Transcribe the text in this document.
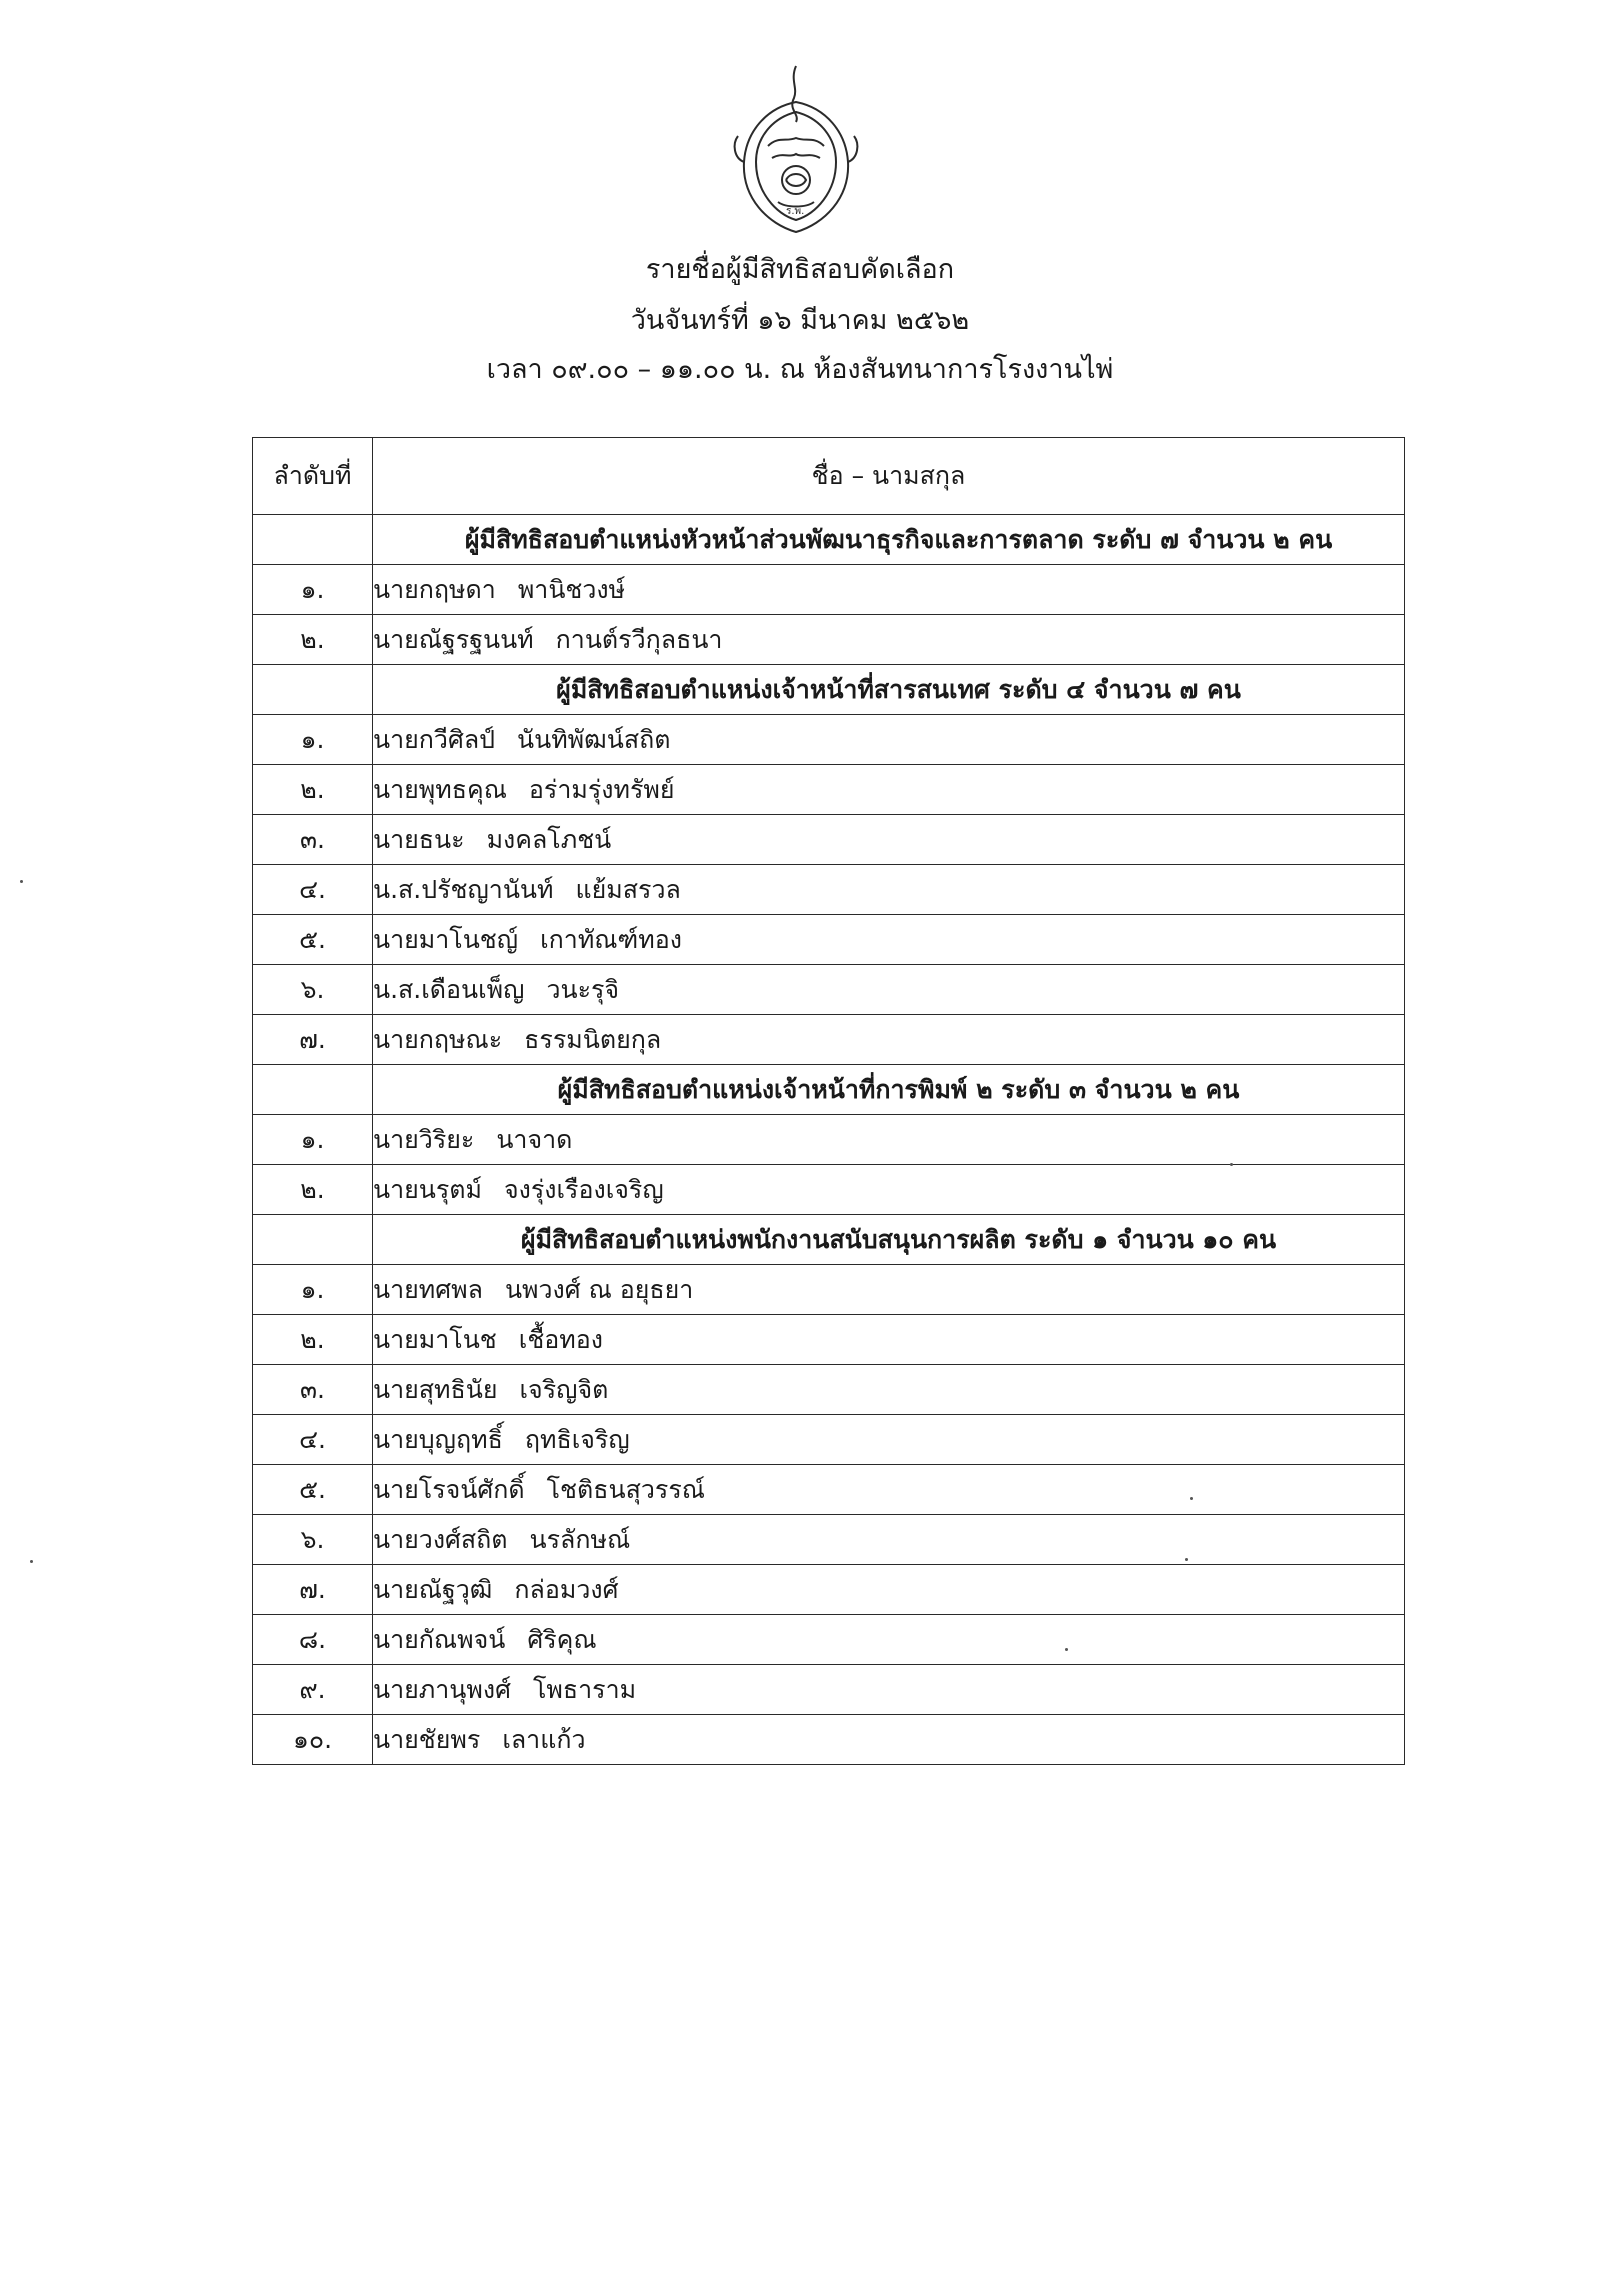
ร.พ.
รายชื่อผู้มีสิทธิสอบคัดเลือก
วันจันทร์ที่ ๑๖ มีนาคม ๒๕๖๒
เวลา ๐๙.๐๐ – ๑๑.๐๐ น. ณ ห้องสันทนาการโรงงานไพ่
ลำดับที่	ชื่อ – นามสกุล
	ผู้มีสิทธิสอบตำแหน่งหัวหน้าส่วนพัฒนาธุรกิจและการตลาด ระดับ ๗ จำนวน ๒ คน
๑.	นายกฤษดา พานิชวงษ์
๒.	นายณัฐรฐนนท์ กานต์รวีกุลธนา
	ผู้มีสิทธิสอบตำแหน่งเจ้าหน้าที่สารสนเทศ ระดับ ๔ จำนวน ๗ คน
๑.	นายกวีศิลป์ นันทิพัฒน์สถิต
๒.	นายพุทธคุณ อร่ามรุ่งทรัพย์
๓.	นายธนะ มงคลโภชน์
๔.	น.ส.ปรัชญานันท์ แย้มสรวล
๕.	นายมาโนชญ์ เกาทัณฑ์ทอง
๖.	น.ส.เดือนเพ็ญ วนะรุจิ
๗.	นายกฤษณะ ธรรมนิตยกุล
	ผู้มีสิทธิสอบตำแหน่งเจ้าหน้าที่การพิมพ์ ๒ ระดับ ๓ จำนวน ๒ คน
๑.	นายวิริยะ นาจาด
๒.	นายนรุตม์ จงรุ่งเรืองเจริญ
	ผู้มีสิทธิสอบตำแหน่งพนักงานสนับสนุนการผลิต ระดับ ๑ จำนวน ๑๐ คน
๑.	นายทศพล นพวงศ์ ณ อยุธยา
๒.	นายมาโนช เชื้อทอง
๓.	นายสุทธินัย เจริญจิต
๔.	นายบุญฤทธิ์ ฤทธิเจริญ
๕.	นายโรจน์ศักดิ์ โชติธนสุวรรณ์
๖.	นายวงศ์สถิต นรลักษณ์
๗.	นายณัฐวุฒิ กล่อมวงศ์
๘.	นายกัณพจน์ ศิริคุณ
๙.	นายภานุพงศ์ โพธาราม
๑๐.	นายชัยพร เลาแก้ว
